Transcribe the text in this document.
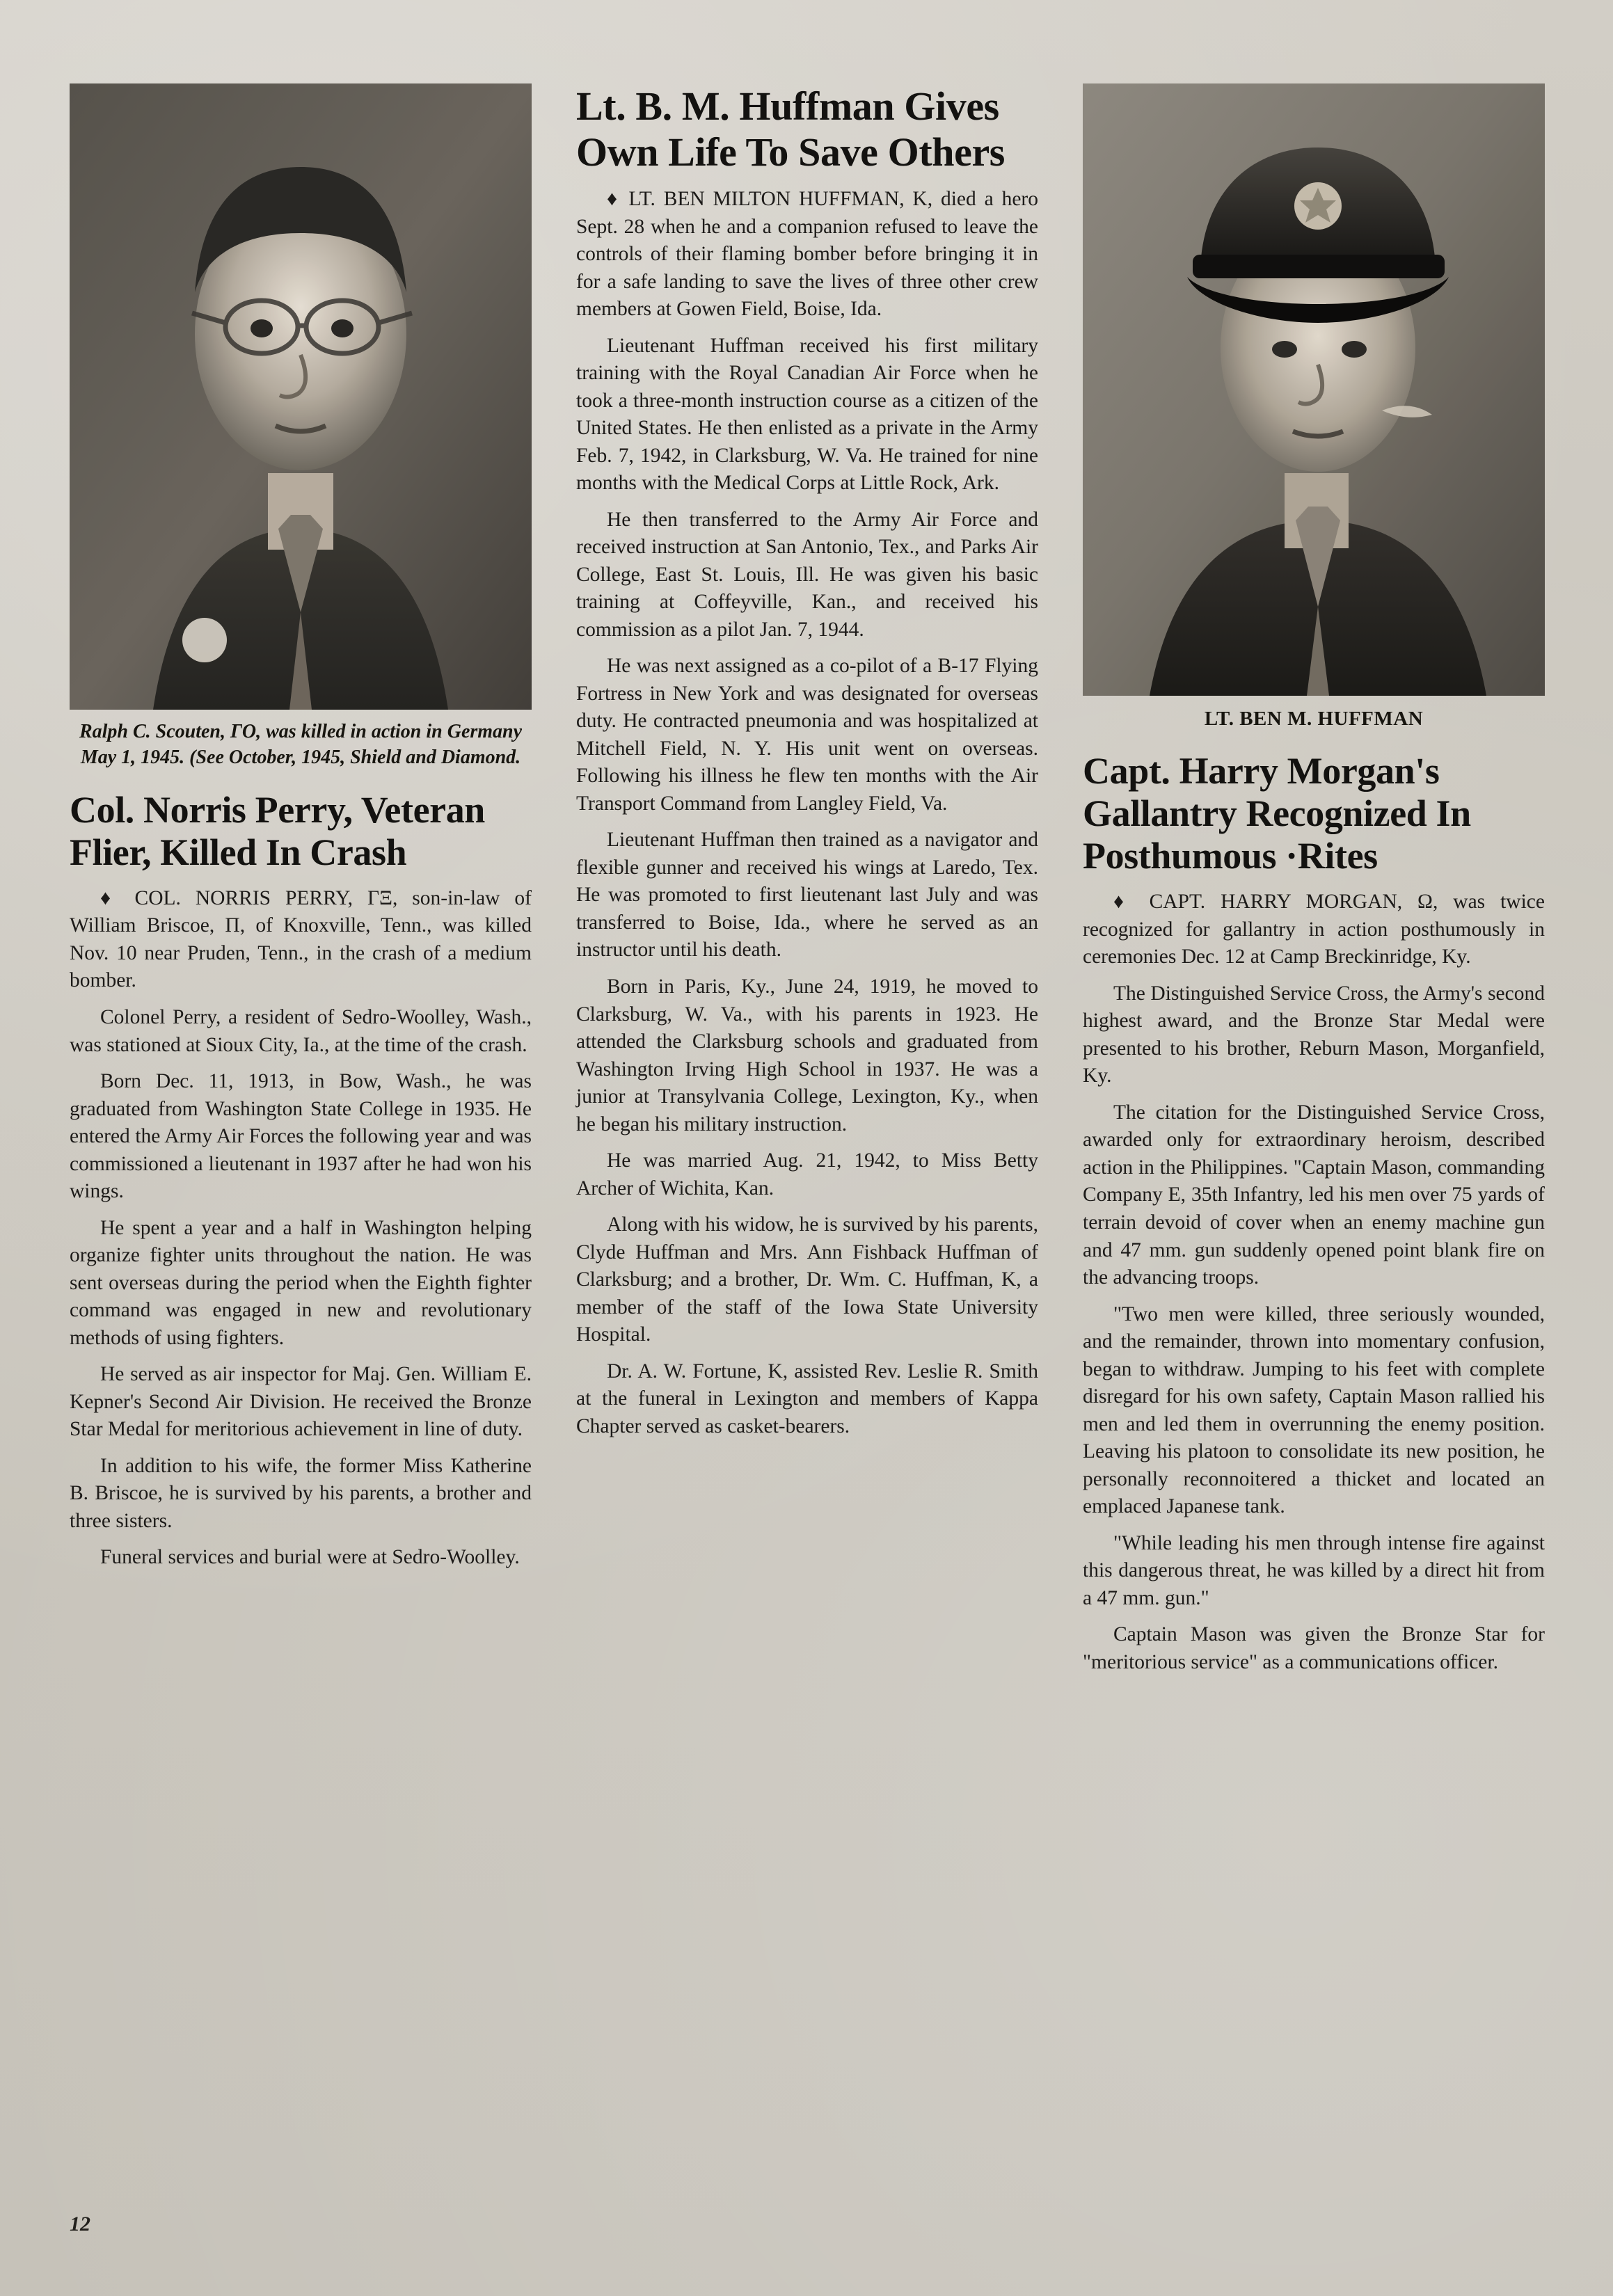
Ralph C. Scouten, ΓΟ, was killed in action in Germany May 1, 1945. (See October, 1945, Shield and Diamond.
Col. Norris Perry, Veteran Flier, Killed In Crash

♦ COL. NORRIS PERRY, ΓΞ, son-in-law of William Briscoe, Π, of Knoxville, Tenn., was killed Nov. 10 near Pruden, Tenn., in the crash of a medium bomber.

Colonel Perry, a resident of Sedro-Woolley, Wash., was stationed at Sioux City, Ia., at the time of the crash.

Born Dec. 11, 1913, in Bow, Wash., he was graduated from Washington State College in 1935. He entered the Army Air Forces the following year and was commissioned a lieutenant in 1937 after he had won his wings.

He spent a year and a half in Washington helping organize fighter units throughout the nation. He was sent overseas during the period when the Eighth fighter command was engaged in new and revolutionary methods of using fighters.

He served as air inspector for Maj. Gen. William E. Kepner's Second Air Division. He received the Bronze Star Medal for meritorious achievement in line of duty.

In addition to his wife, the former Miss Katherine B. Briscoe, he is survived by his parents, a brother and three sisters.

Funeral services and burial were at Sedro-Woolley.

Lt. B. M. Huffman Gives Own Life To Save Others

♦ LT. BEN MILTON HUFFMAN, K, died a hero Sept. 28 when he and a companion refused to leave the controls of their flaming bomber before bringing it in for a safe landing to save the lives of three other crew members at Gowen Field, Boise, Ida.

Lieutenant Huffman received his first military training with the Royal Canadian Air Force when he took a three-month instruction course as a citizen of the United States. He then enlisted as a private in the Army Feb. 7, 1942, in Clarksburg, W. Va. He trained for nine months with the Medical Corps at Little Rock, Ark.

He then transferred to the Army Air Force and received instruction at San Antonio, Tex., and Parks Air College, East St. Louis, Ill. He was given his basic training at Coffeyville, Kan., and received his commission as a pilot Jan. 7, 1944.

He was next assigned as a co-pilot of a B-17 Flying Fortress in New York and was designated for overseas duty. He contracted pneumonia and was hospitalized at Mitchell Field, N. Y. His unit went on overseas. Following his illness he flew ten months with the Air Transport Command from Langley Field, Va.

Lieutenant Huffman then trained as a navigator and flexible gunner and received his wings at Laredo, Tex. He was promoted to first lieutenant last July and was transferred to Boise, Ida., where he served as an instructor until his death.

Born in Paris, Ky., June 24, 1919, he moved to Clarksburg, W. Va., with his parents in 1923. He attended the Clarksburg schools and graduated from Washington Irving High School in 1937. He was a junior at Transylvania College, Lexington, Ky., when he began his military instruction.

He was married Aug. 21, 1942, to Miss Betty Archer of Wichita, Kan.

Along with his widow, he is survived by his parents, Clyde Huffman and Mrs. Ann Fishback Huffman of Clarksburg; and a brother, Dr. Wm. C. Huffman, K, a member of the staff of the Iowa State University Hospital.

Dr. A. W. Fortune, K, assisted Rev. Leslie R. Smith at the funeral in Lexington and members of Kappa Chapter served as casket-bearers.

LT. BEN M. HUFFMAN
Capt. Harry Morgan's Gallantry Recognized In Posthumous ·Rites

♦ CAPT. HARRY MORGAN, Ω, was twice recognized for gallantry in action posthumously in ceremonies Dec. 12 at Camp Breckinridge, Ky.

The Distinguished Service Cross, the Army's second highest award, and the Bronze Star Medal were presented to his brother, Reburn Mason, Morganfield, Ky.

The citation for the Distinguished Service Cross, awarded only for extraordinary heroism, described action in the Philippines. "Captain Mason, commanding Company E, 35th Infantry, led his men over 75 yards of terrain devoid of cover when an enemy machine gun and 47 mm. gun suddenly opened point blank fire on the advancing troops.

"Two men were killed, three seriously wounded, and the remainder, thrown into momentary confusion, began to withdraw. Jumping to his feet with complete disregard for his own safety, Captain Mason rallied his men and led them in overrunning the enemy position. Leaving his platoon to consolidate its new position, he personally reconnoitered a thicket and located an emplaced Japanese tank.

"While leading his men through intense fire against this dangerous threat, he was killed by a direct hit from a 47 mm. gun."

Captain Mason was given the Bronze Star for "meritorious service" as a communications officer.

12
